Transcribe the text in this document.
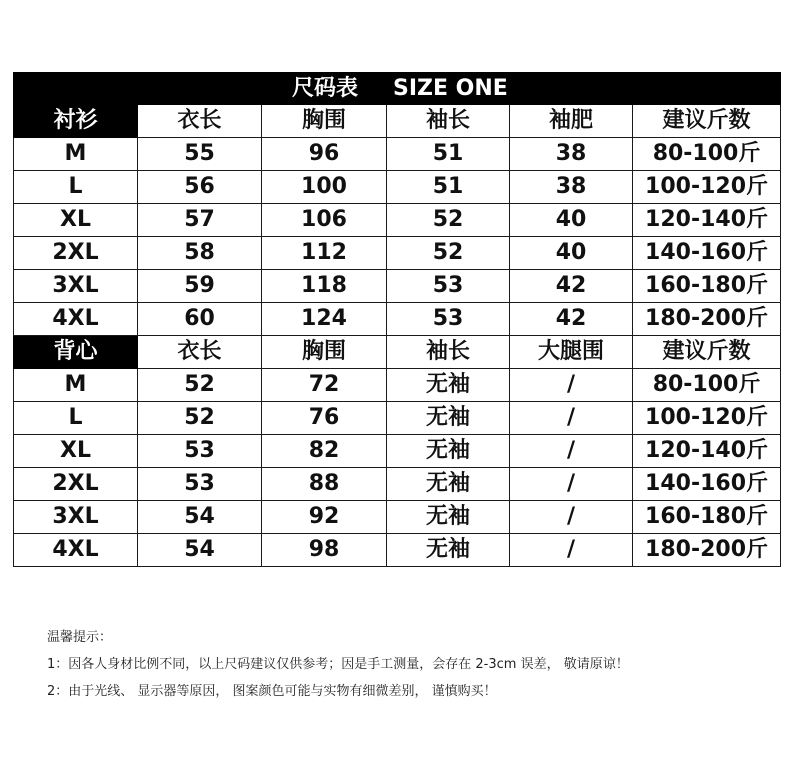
	尺码表		SIZE ONE		
衬衫	衣长	胸围	袖长	袖肥	建议斤数
M	55	96	51	38	80-100斤
L	56	100	51	38	100-120斤
XL	57	106	52	40	120-140斤
2XL	58	112	52	40	140-160斤
3XL	59	118	53	42	160-180斤
4XL	60	124	53	42	180-200斤
背心	衣长	胸围	袖长	大腿围	建议斤数
M	52	72	无袖	/	80-100斤
L	52	76	无袖	/	100-120斤
XL	53	82	无袖	/	120-140斤
2XL	53	88	无袖	/	140-160斤
3XL	54	92	无袖	/	160-180斤
4XL	54	98	无袖	/	180-200斤
温馨提示：
1：因各人身材比例不同，以上尺码建议仅供参考；因是手工测量，会存在 2-3cm 误差， 敬请原谅！
2：由于光线、 显示器等原因， 图案颜色可能与实物有细微差别， 谨慎购买！
